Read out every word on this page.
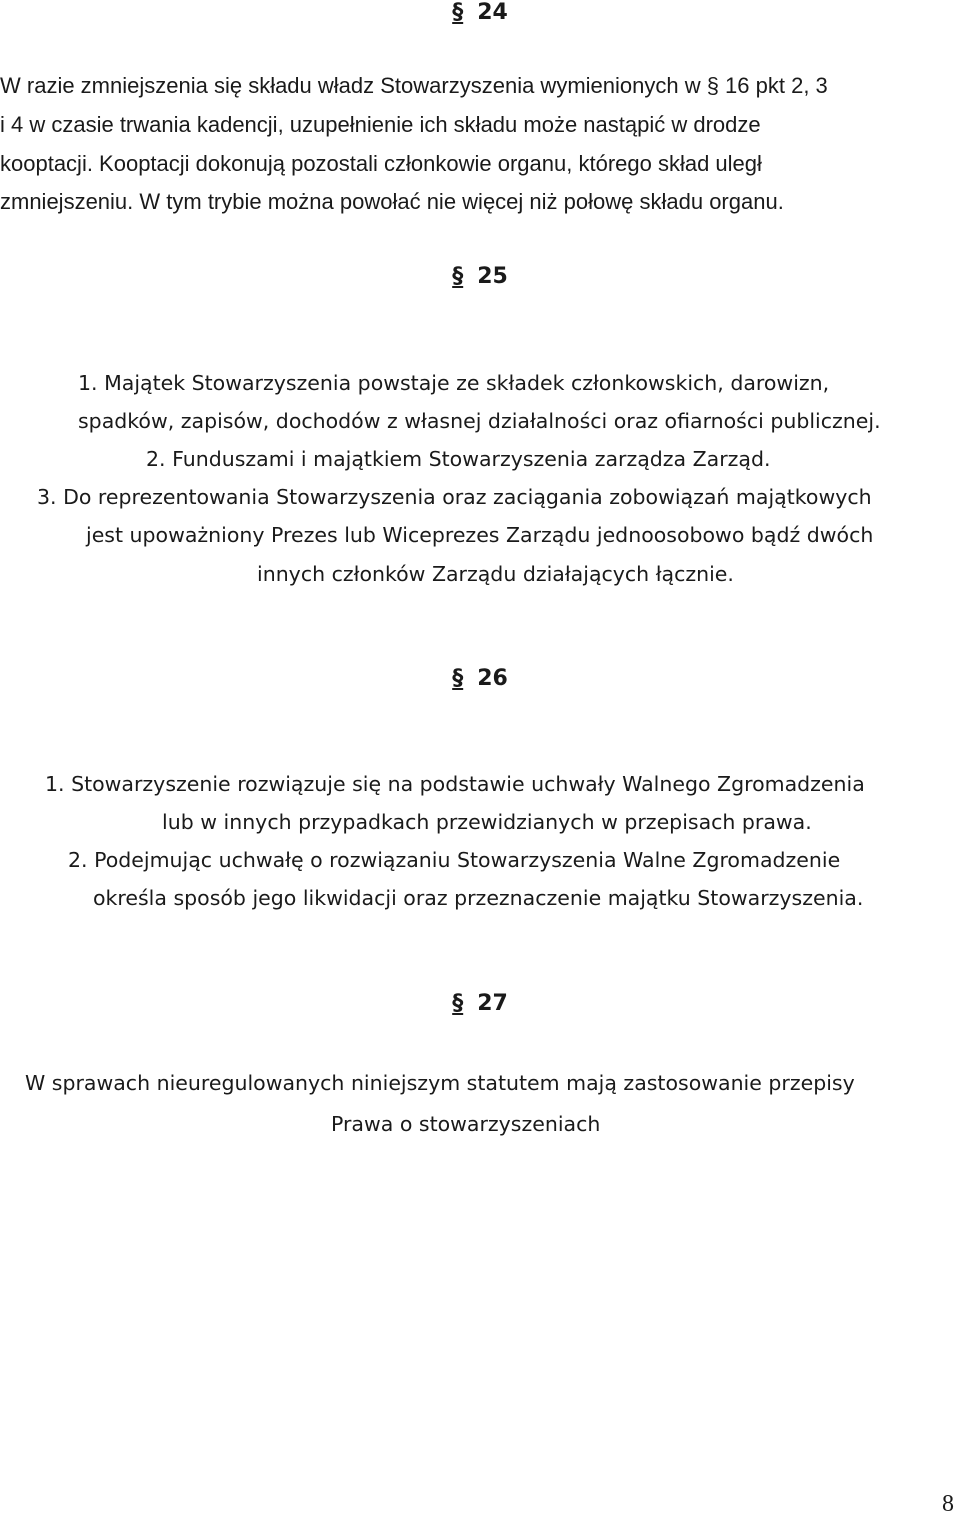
§ 24
W razie zmniejszenia się składu władz Stowarzyszenia wymienionych w § 16 pkt 2, 3
i 4 w czasie trwania kadencji, uzupełnienie ich składu może nastąpić w drodze
kooptacji. Kooptacji dokonują pozostali członkowie organu, którego skład uległ
zmniejszeniu. W tym trybie można powołać nie więcej niż połowę składu organu.
§ 25
1. Majątek Stowarzyszenia powstaje ze składek członkowskich, darowizn,
spadków, zapisów, dochodów z własnej działalności oraz ofiarności publicznej.
2. Funduszami i majątkiem Stowarzyszenia zarządza Zarząd.
3. Do reprezentowania Stowarzyszenia oraz zaciągania zobowiązań majątkowych
jest upoważniony Prezes lub Wiceprezes Zarządu jednoosobowo bądź dwóch
innych członków Zarządu działających łącznie.
§ 26
1. Stowarzyszenie rozwiązuje się na podstawie uchwały Walnego Zgromadzenia
lub w innych przypadkach przewidzianych w przepisach prawa.
2. Podejmując uchwałę o rozwiązaniu Stowarzyszenia Walne Zgromadzenie
określa sposób jego likwidacji oraz przeznaczenie majątku Stowarzyszenia.
§ 27
W sprawach nieuregulowanych niniejszym statutem mają zastosowanie przepisy
Prawa o stowarzyszeniach
8
